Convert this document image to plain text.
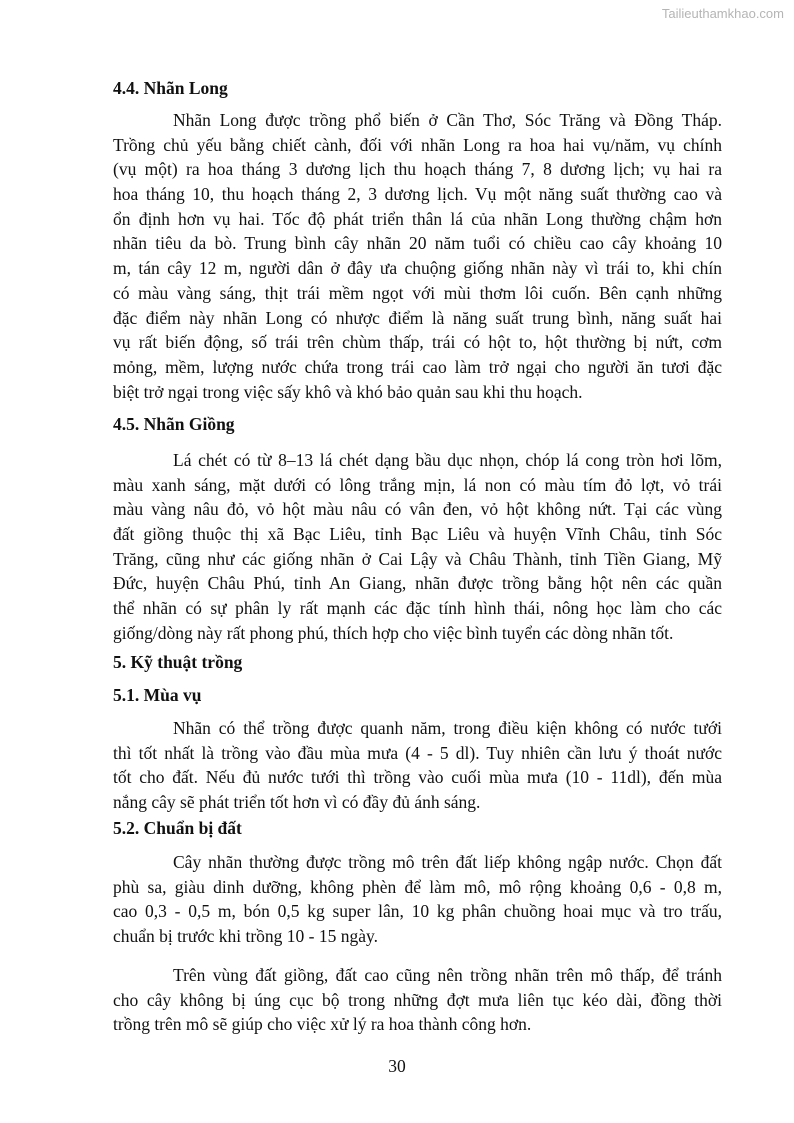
Tailieuthamkhao.com
4.4. Nhãn Long
Nhãn Long được trồng phổ biến ở Cần Thơ, Sóc Trăng và Đồng Tháp.
Trồng chủ yếu bằng chiết cành, đối với nhãn Long ra hoa hai vụ/năm, vụ chính
(vụ một) ra hoa tháng 3 dương lịch thu hoạch tháng 7, 8 dương lịch; vụ hai ra
hoa tháng 10, thu hoạch tháng 2, 3 dương lịch. Vụ một năng suất thường cao và
ổn định hơn vụ hai. Tốc độ phát triển thân lá của nhãn Long thường chậm hơn
nhãn tiêu da bò. Trung bình cây nhãn 20 năm tuổi có chiều cao cây khoảng 10
m, tán cây 12 m, người dân ở đây ưa chuộng giống nhãn này vì trái to, khi chín
có màu vàng sáng, thịt trái mềm ngọt với mùi thơm lôi cuốn. Bên cạnh những
đặc điểm này nhãn Long có nhược điểm là năng suất trung bình, năng suất hai
vụ rất biến động, số trái trên chùm thấp, trái có hột to, hột thường bị nứt, cơm
mỏng, mềm, lượng nước chứa trong trái cao làm trở ngại cho người ăn tươi đặc
biệt trở ngại trong việc sấy khô và khó bảo quản sau khi thu hoạch.
4.5. Nhãn Giồng
Lá chét có từ 8–13 lá chét dạng bầu dục nhọn, chóp lá cong tròn hơi lõm,
màu xanh sáng, mặt dưới có lông trắng mịn, lá non có màu tím đỏ lợt, vỏ trái
màu vàng nâu đỏ, vỏ hột màu nâu có vân đen, vỏ hột không nứt. Tại các vùng
đất giồng thuộc thị xã Bạc Liêu, tỉnh Bạc Liêu và huyện Vĩnh Châu, tỉnh Sóc
Trăng, cũng như các giống nhãn ở Cai Lậy và Châu Thành, tỉnh Tiền Giang, Mỹ
Đức, huyện Châu Phú, tỉnh An Giang, nhãn được trồng bằng hột nên các quần
thể nhãn có sự phân ly rất mạnh các đặc tính hình thái, nông học làm cho các
giống/dòng này rất phong phú, thích hợp cho việc bình tuyển các dòng nhãn tốt.
5. Kỹ thuật trồng
5.1. Mùa vụ
Nhãn có thể trồng được quanh năm, trong điều kiện không có nước tưới
thì tốt nhất là trồng vào đầu mùa mưa (4 - 5 dl). Tuy nhiên cần lưu ý thoát nước
tốt cho đất. Nếu đủ nước tưới thì trồng vào cuối mùa mưa (10 - 11dl), đến mùa
nắng cây sẽ phát triển tốt hơn vì có đầy đủ ánh sáng.
5.2. Chuẩn bị đất
Cây nhãn thường được trồng mô trên đất liếp không ngập nước. Chọn đất
phù sa, giàu dinh dưỡng, không phèn để làm mô, mô rộng khoảng 0,6 - 0,8 m,
cao 0,3 - 0,5 m, bón 0,5 kg super lân, 10 kg phân chuồng hoai mục và tro trấu,
chuẩn bị trước khi trồng 10 - 15 ngày.
Trên vùng đất giồng, đất cao cũng nên trồng nhãn trên mô thấp, để tránh
cho cây không bị úng cục bộ trong những đợt mưa liên tục kéo dài, đồng thời
trồng trên mô sẽ giúp cho việc xử lý ra hoa thành công hơn.
30
